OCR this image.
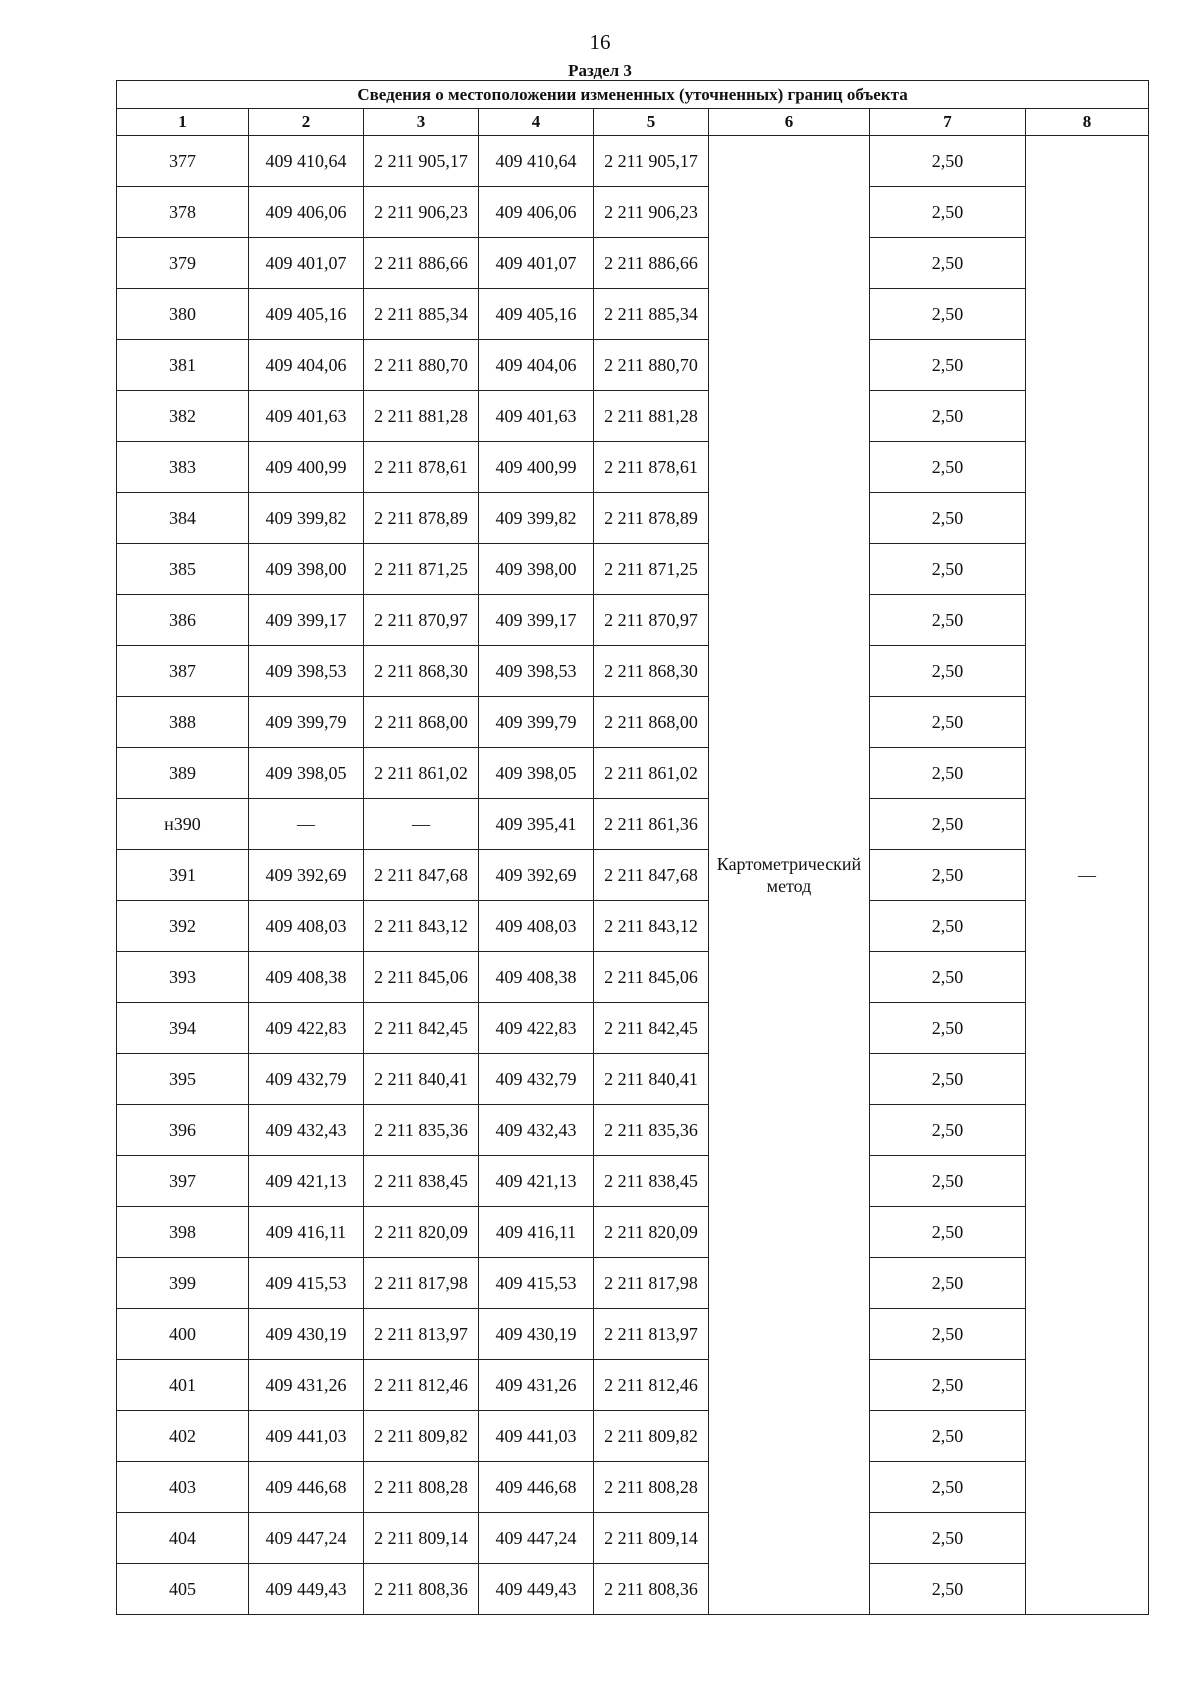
16
Раздел 3
Сведения о местоположении измененных (уточненных) границ объекта							
1	2	3	4	5	6	7	8
377	409 410,64	2 211 905,17	409 410,64	2 211 905,17	Картометрический метод	2,50	—
378	409 406,06	2 211 906,23	409 406,06	2 211 906,23		2,50	
379	409 401,07	2 211 886,66	409 401,07	2 211 886,66		2,50	
380	409 405,16	2 211 885,34	409 405,16	2 211 885,34		2,50	
381	409 404,06	2 211 880,70	409 404,06	2 211 880,70		2,50	
382	409 401,63	2 211 881,28	409 401,63	2 211 881,28		2,50	
383	409 400,99	2 211 878,61	409 400,99	2 211 878,61		2,50	
384	409 399,82	2 211 878,89	409 399,82	2 211 878,89		2,50	
385	409 398,00	2 211 871,25	409 398,00	2 211 871,25		2,50	
386	409 399,17	2 211 870,97	409 399,17	2 211 870,97		2,50	
387	409 398,53	2 211 868,30	409 398,53	2 211 868,30		2,50	
388	409 399,79	2 211 868,00	409 399,79	2 211 868,00		2,50	
389	409 398,05	2 211 861,02	409 398,05	2 211 861,02		2,50	
н390	—	—	409 395,41	2 211 861,36		2,50	
391	409 392,69	2 211 847,68	409 392,69	2 211 847,68		2,50	
392	409 408,03	2 211 843,12	409 408,03	2 211 843,12		2,50	
393	409 408,38	2 211 845,06	409 408,38	2 211 845,06		2,50	
394	409 422,83	2 211 842,45	409 422,83	2 211 842,45		2,50	
395	409 432,79	2 211 840,41	409 432,79	2 211 840,41		2,50	
396	409 432,43	2 211 835,36	409 432,43	2 211 835,36		2,50	
397	409 421,13	2 211 838,45	409 421,13	2 211 838,45		2,50	
398	409 416,11	2 211 820,09	409 416,11	2 211 820,09		2,50	
399	409 415,53	2 211 817,98	409 415,53	2 211 817,98		2,50	
400	409 430,19	2 211 813,97	409 430,19	2 211 813,97		2,50	
401	409 431,26	2 211 812,46	409 431,26	2 211 812,46		2,50	
402	409 441,03	2 211 809,82	409 441,03	2 211 809,82		2,50	
403	409 446,68	2 211 808,28	409 446,68	2 211 808,28		2,50	
404	409 447,24	2 211 809,14	409 447,24	2 211 809,14		2,50	
405	409 449,43	2 211 808,36	409 449,43	2 211 808,36		2,50	
